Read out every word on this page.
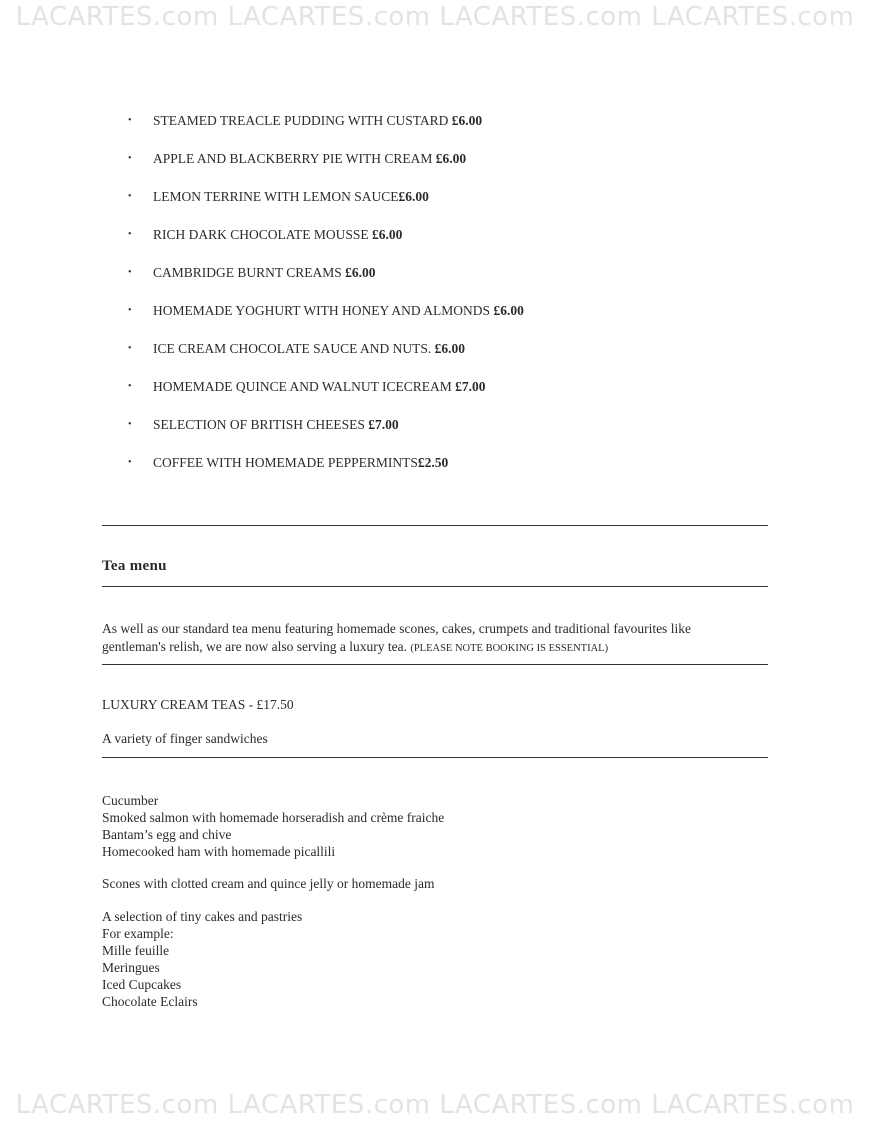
LACARTES.com LACARTES.com LACARTES.com LACARTES.com
•	STEAMED TREACLE PUDDING WITH CUSTARD £6.00
•	APPLE AND BLACKBERRY PIE WITH CREAM £6.00
•	LEMON TERRINE WITH LEMON SAUCE £6.00
•	RICH DARK CHOCOLATE MOUSSE £6.00
•	CAMBRIDGE BURNT CREAMS £6.00
•	HOMEMADE YOGHURT WITH HONEY AND ALMONDS £6.00
•	ICE CREAM CHOCOLATE SAUCE AND NUTS. £6.00
•	HOMEMADE QUINCE AND WALNUT ICECREAM £7.00
•	SELECTION OF BRITISH CHEESES £7.00
•	COFFEE WITH HOMEMADE PEPPERMINTS £2.50
Tea menu
As well as our standard tea menu featuring homemade scones, cakes, crumpets and traditional favourites like gentleman's relish, we are now also serving a luxury tea. (PLEASE NOTE BOOKING IS ESSENTIAL)
LUXURY CREAM TEAS - £17.50
A variety of finger sandwiches
Cucumber
Smoked salmon with homemade horseradish and crème fraiche
Bantam’s egg and chive
Homecooked ham with homemade picallili
Scones with clotted cream and quince jelly or homemade jam
A selection of tiny cakes and pastries
For example:
Mille feuille
Meringues
Iced Cupcakes
Chocolate Eclairs
LACARTES.com LACARTES.com LACARTES.com LACARTES.com
